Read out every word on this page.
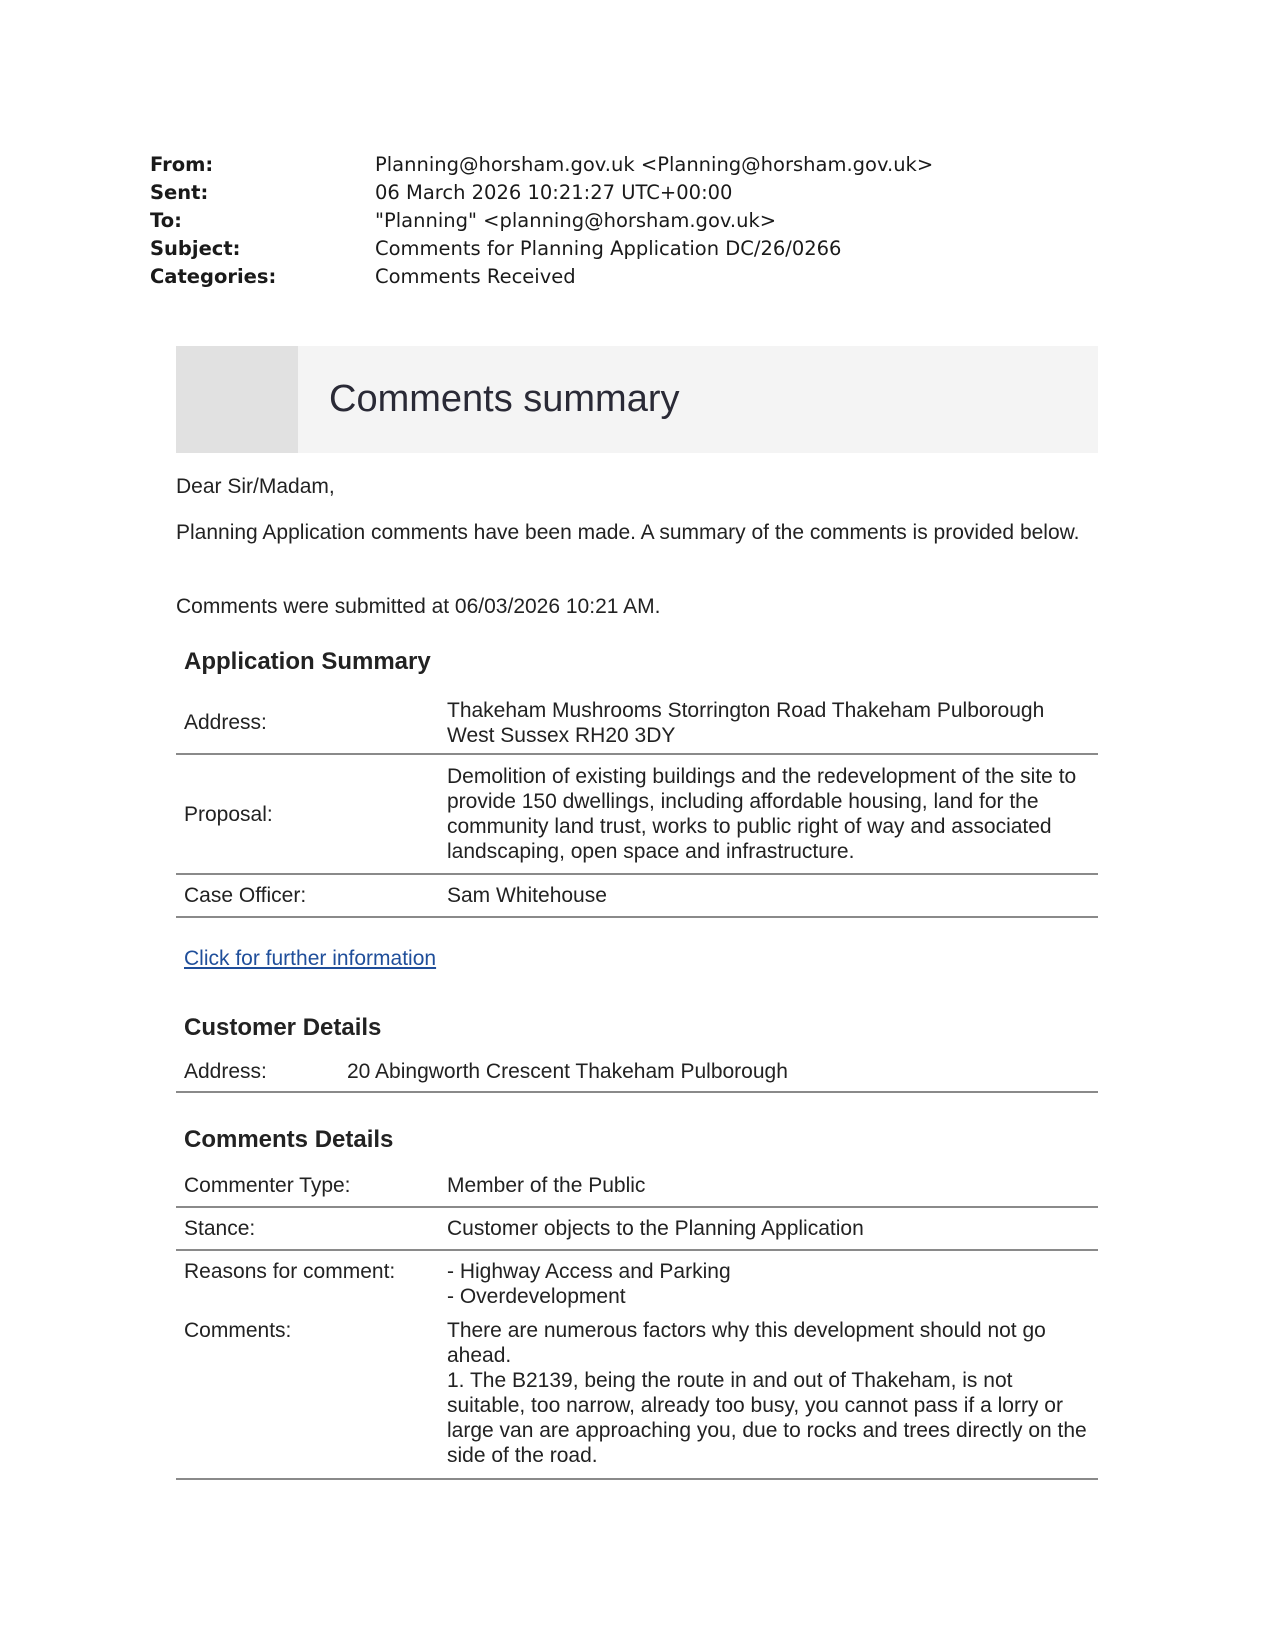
From:	Planning@horsham.gov.uk <Planning@horsham.gov.uk>
Sent:	06 March 2026 10:21:27 UTC+00:00
To:	"Planning" <planning@horsham.gov.uk>
Subject:	Comments for Planning Application DC/26/0266
Categories:	Comments Received
Comments summary
Dear Sir/Madam,
Planning Application comments have been made. A summary of the comments is provided below.
Comments were submitted at 06/03/2026 10:21 AM.
Application Summary
Address:	Thakeham Mushrooms Storrington Road Thakeham Pulborough West Sussex RH20 3DY
Proposal:	Demolition of existing buildings and the redevelopment of the site to provide 150 dwellings, including affordable housing, land for the community land trust, works to public right of way and associated landscaping, open space and infrastructure.
Case Officer:	Sam Whitehouse
Click for further information
Customer Details
Address:	20 Abingworth Crescent Thakeham Pulborough
Comments Details
Commenter Type:	Member of the Public
Stance:	Customer objects to the Planning Application
Reasons for comment:	- Highway Access and Parking
- Overdevelopment

Comments:	There are numerous factors why this development should not go ahead.
1. The B2139, being the route in and out of Thakeham, is not suitable, too narrow, already too busy, you cannot pass if a lorry or large van are approaching you, due to rocks and trees directly on the side of the road.
